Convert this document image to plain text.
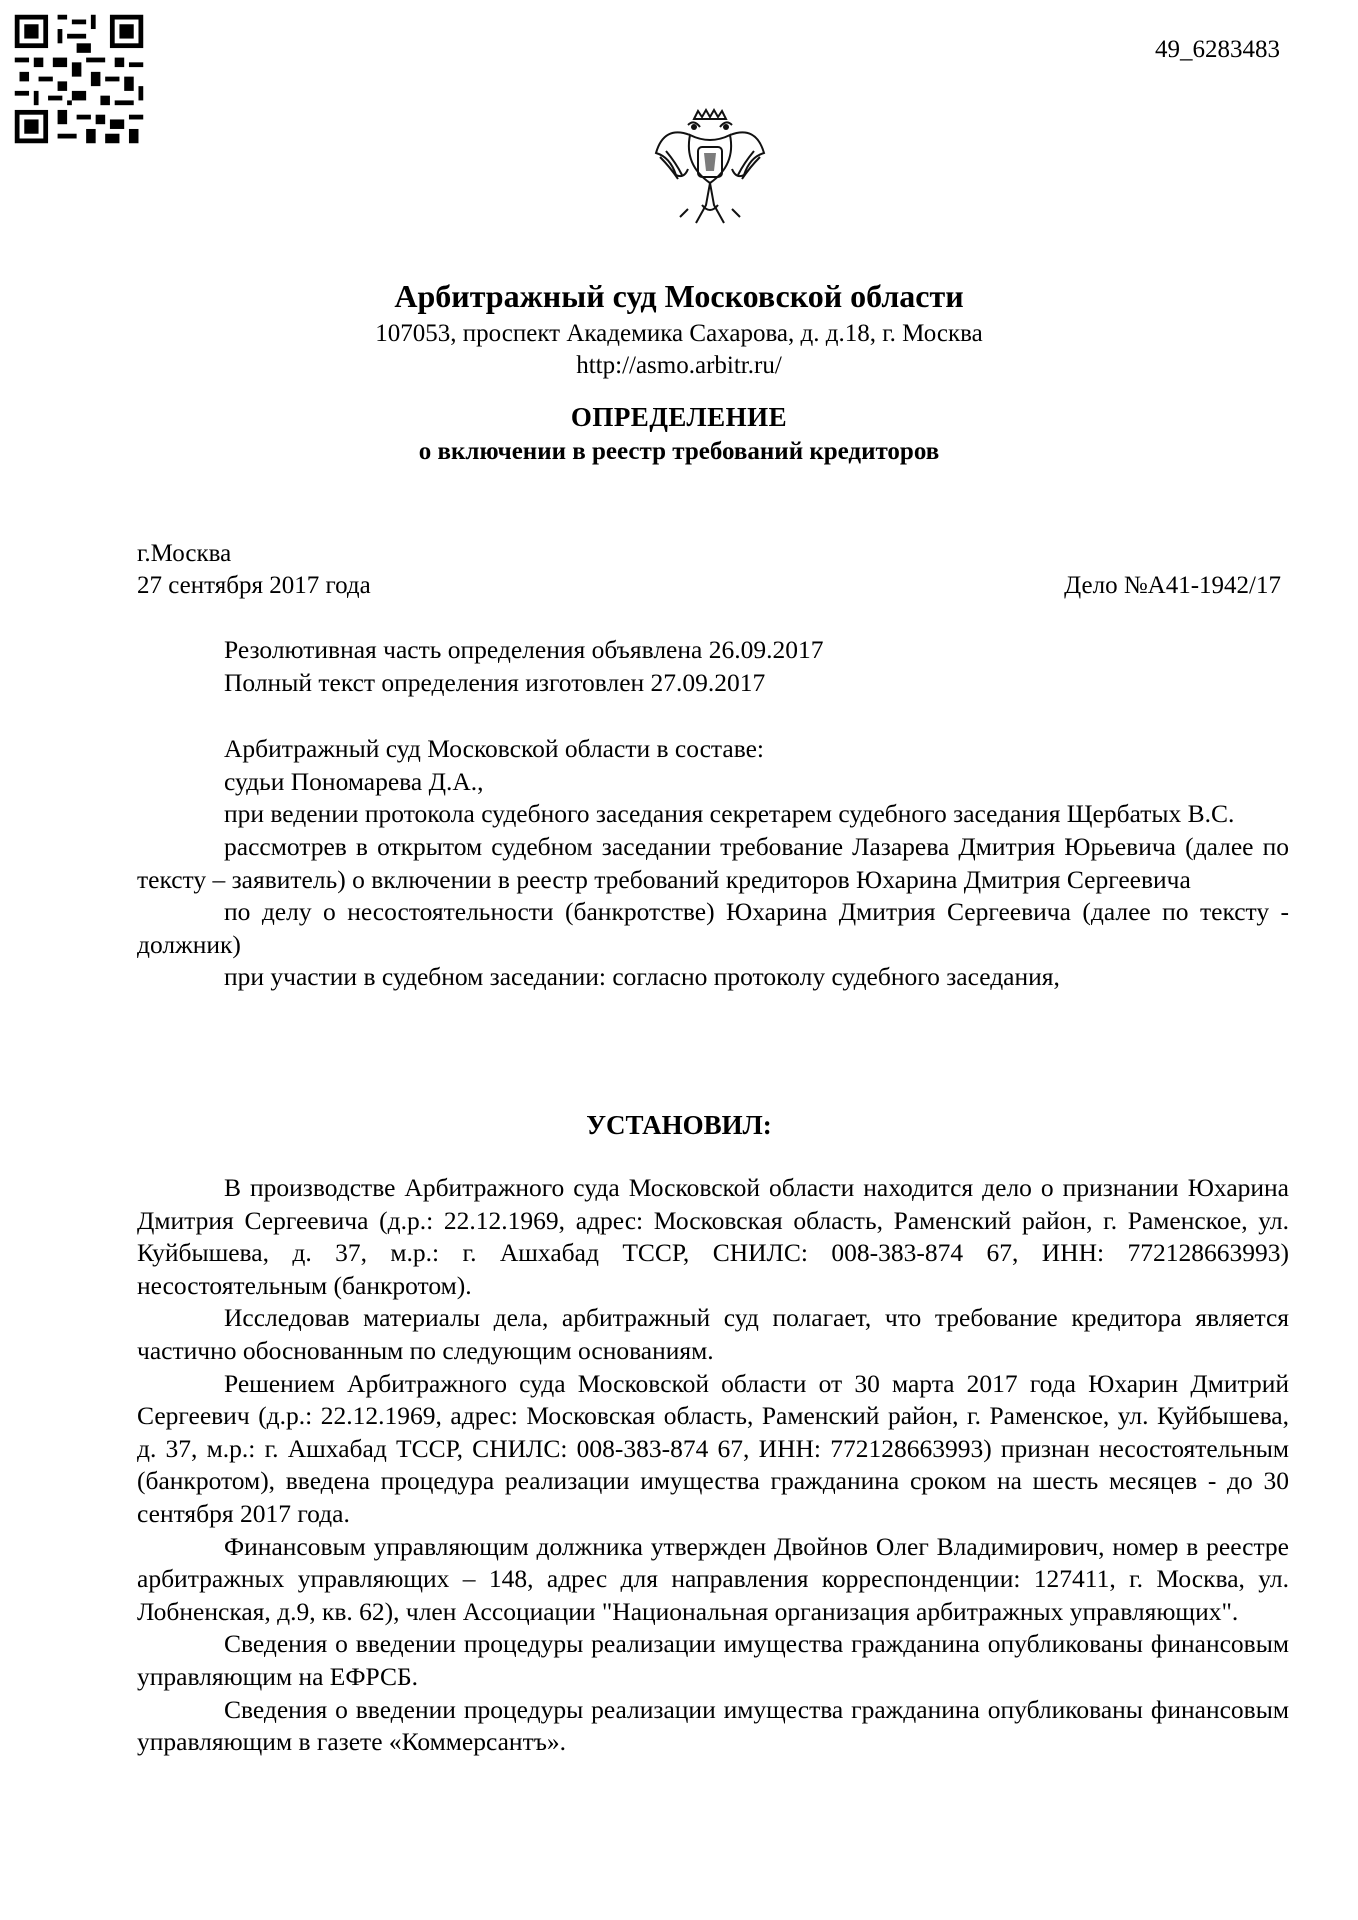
49_6283483
Арбитражный суд Московской области
107053, проспект Академика Сахарова, д. д.18, г. Москва
http://asmo.arbitr.ru/
ОПРЕДЕЛЕНИЕ
о включении в реестр требований кредиторов
г.Москва
27 сентября 2017 года	Дело №А41-1942/17
Резолютивная часть определения объявлена 26.09.2017
Полный текст определения изготовлен 27.09.2017
Арбитражный суд Московской области в составе:
судьи Пономарева Д.А.,
при ведении протокола судебного заседания секретарем судебного заседания Щербатых В.С.
рассмотрев в открытом судебном заседании требование Лазарева Дмитрия Юрьевича (далее по тексту – заявитель) о включении в реестр требований кредиторов Юхарина Дмитрия Сергеевича
по делу о несостоятельности (банкротстве) Юхарина Дмитрия Сергеевича (далее по тексту - должник)
при участии в судебном заседании: согласно протоколу судебного заседания,
УСТАНОВИЛ:
В производстве Арбитражного суда Московской области находится дело о признании Юхарина Дмитрия Сергеевича (д.р.: 22.12.1969, адрес: Московская область, Раменский район, г. Раменское, ул. Куйбышева, д. 37, м.р.: г. Ашхабад ТССР, СНИЛС: 008-383-874 67, ИНН: 772128663993) несостоятельным (банкротом).
Исследовав материалы дела, арбитражный суд полагает, что требование кредитора является частично обоснованным по следующим основаниям.
Решением Арбитражного суда Московской области от 30 марта 2017 года Юхарин Дмитрий Сергеевич (д.р.: 22.12.1969, адрес: Московская область, Раменский район, г. Раменское, ул. Куйбышева, д. 37, м.р.: г. Ашхабад ТССР, СНИЛС: 008-383-874 67, ИНН: 772128663993) признан несостоятельным (банкротом), введена процедура реализации имущества гражданина сроком на шесть месяцев - до 30 сентября 2017 года.
Финансовым управляющим должника утвержден Двойнов Олег Владимирович, номер в реестре арбитражных управляющих – 148, адрес для направления корреспонденции: 127411, г. Москва, ул. Лобненская, д.9, кв. 62), член Ассоциации "Национальная организация арбитражных управляющих".
Сведения о введении процедуры реализации имущества гражданина опубликованы финансовым управляющим на ЕФРСБ.
Сведения о введении процедуры реализации имущества гражданина опубликованы финансовым управляющим в газете «Коммерсантъ».
